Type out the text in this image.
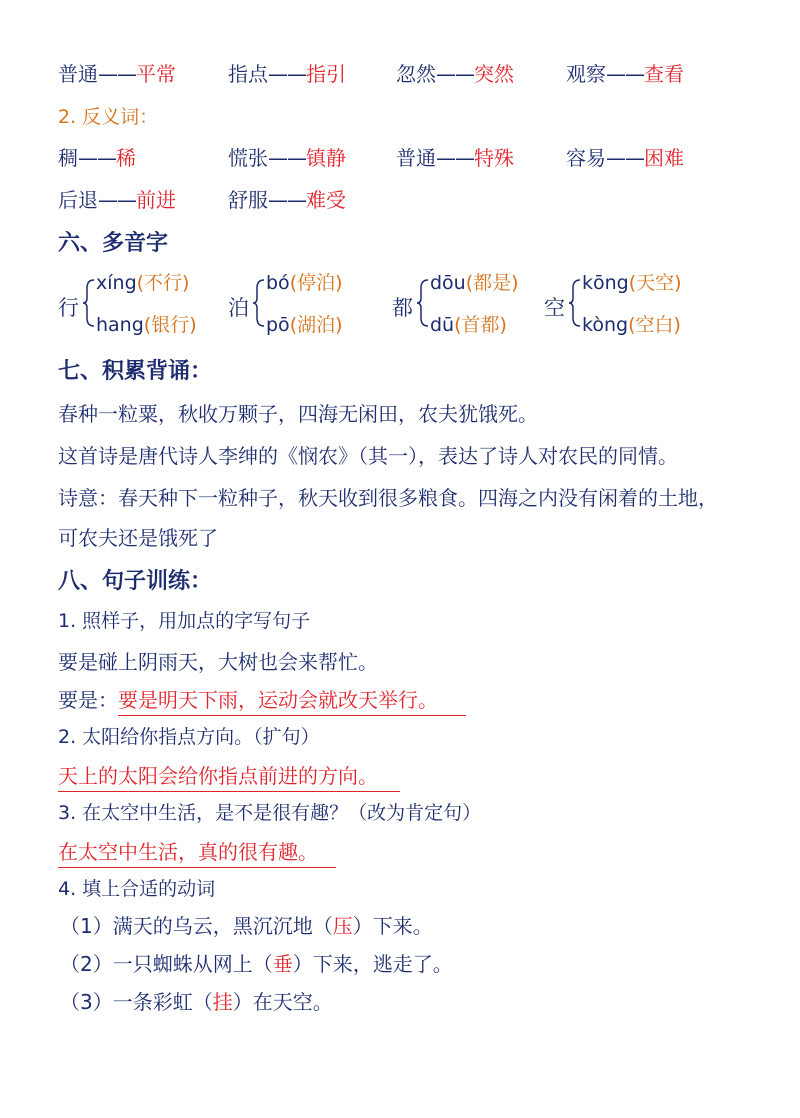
普通——平常	指点——指引	忽然——突然	观察——查看
2. 反义词：
稠——稀	慌张——镇静	普通——特殊	容易——困难
后退——前进	舒服——难受
六、多音字
行
xíng(不行)
hang(银行)
泊
bó(停泊)
pō(湖泊)
都
dōu(都是)
dū(首都)
空
kōng(天空)
kòng(空白)
七、积累背诵：
春种一粒粟，秋收万颗子，四海无闲田，农夫犹饿死。
这首诗是唐代诗人李绅的《悯农》（其一），表达了诗人对农民的同情。
诗意：春天种下一粒种子，秋天收到很多粮食。四海之内没有闲着的土地，
可农夫还是饿死了
八、句子训练：
1. 照样子，用加点的字写句子
要是碰上阴雨天，大树也会来帮忙。
要是：要是明天下雨，运动会就改天举行。
2. 太阳给你指点方向。（扩句）
天上的太阳会给你指点前进的方向。
3. 在太空中生活，是不是很有趣？（改为肯定句）
在太空中生活，真的很有趣。
4. 填上合适的动词
（1）满天的乌云，黑沉沉地（压）下来。
（2）一只蜘蛛从网上（垂）下来，逃走了。
（3）一条彩虹（挂）在天空。
